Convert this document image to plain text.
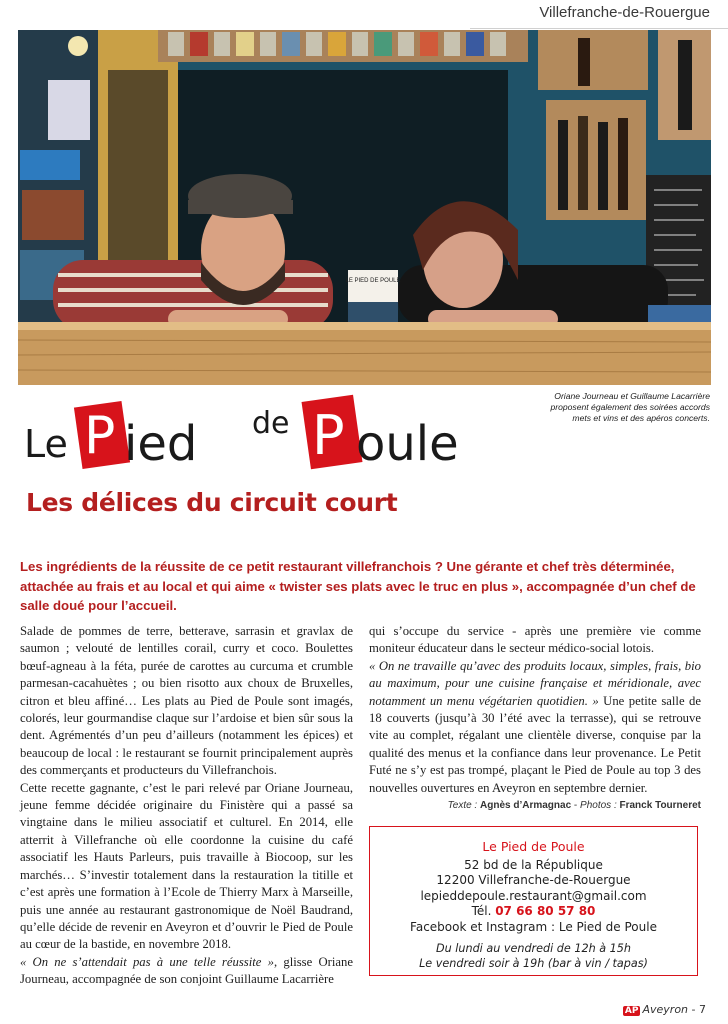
Villefranche-de-Rouergue
LE PIED DE POULE
Oriane Journeau et Guillaume Lacarrière
proposent également des soirées accords
mets et vins et des apéros concerts.
Le P ied de P oule
Les délices du circuit court
Les ingrédients de la réussite de ce petit restaurant villefranchois ? Une gérante et chef très déterminée, attachée au frais et au local et qui aime « twister ses plats avec le truc en plus », accompagnée d’un chef de salle doué pour l’accueil.

Salade de pommes de terre, betterave, sarrasin et gravlax de saumon ; velouté de lentilles corail, curry et coco. Boulettes bœuf-agneau à la féta, purée de carottes au curcuma et crumble parmesan-cacahuètes ; ou bien risotto aux choux de Bruxelles, citron et bleu affiné… Les plats au Pied de Poule sont imagés, colorés, leur gourmandise claque sur l’ardoise et bien sûr sous la dent. Agrémentés d’un peu d’ailleurs (notamment les épices) et beaucoup de local : le restaurant se fournit principalement auprès des commerçants et producteurs du Villefranchois.

Cette recette gagnante, c’est le pari relevé par Oriane Journeau, jeune femme décidée originaire du Finistère qui a passé sa vingtaine dans le milieu associatif et culturel. En 2014, elle atterrit à Villefranche où elle coordonne la cuisine du café associatif les Hauts Parleurs, puis travaille à Biocoop, sur les marchés… S’investir totalement dans la restauration la titille et c’est après une formation à l’Ecole de Thierry Marx à Marseille, puis une année au restaurant gastronomique de Noël Baudrand, qu’elle décide de revenir en Aveyron et d’ouvrir le Pied de Poule au cœur de la bastide, en novembre 2018.

« On ne s’attendait pas à une telle réussite », glisse Oriane Journeau, accompagnée de son conjoint Guillaume Lacarrière

qui s’occupe du service - après une première vie comme moniteur éducateur dans le secteur médico-social lotois.

« On ne travaille qu’avec des produits locaux, simples, frais, bio au maximum, pour une cuisine française et méridionale, avec notamment un menu végétarien quotidien. » Une petite salle de 18 couverts (jusqu’à 30 l’été avec la terrasse), qui se retrouve vite au complet, régalant une clientèle diverse, conquise par la qualité des menus et la confiance dans leur provenance. Le Petit Futé ne s’y est pas trompé, plaçant le Pied de Poule au top 3 des nouvelles ouvertures en Aveyron en septembre dernier.

Texte : Agnès d’Armagnac - Photos : Franck Tourneret
Le Pied de Poule
52 bd de la République
12200 Villefranche-de-Rouergue
lepieddepoule.restaurant@gmail.com
Tél. 07 66 80 57 80
Facebook et Instagram : Le Pied de Poule
Du lundi au vendredi de 12h à 15h
Le vendredi soir à 19h (bar à vin / tapas)
AP Aveyron - 7
